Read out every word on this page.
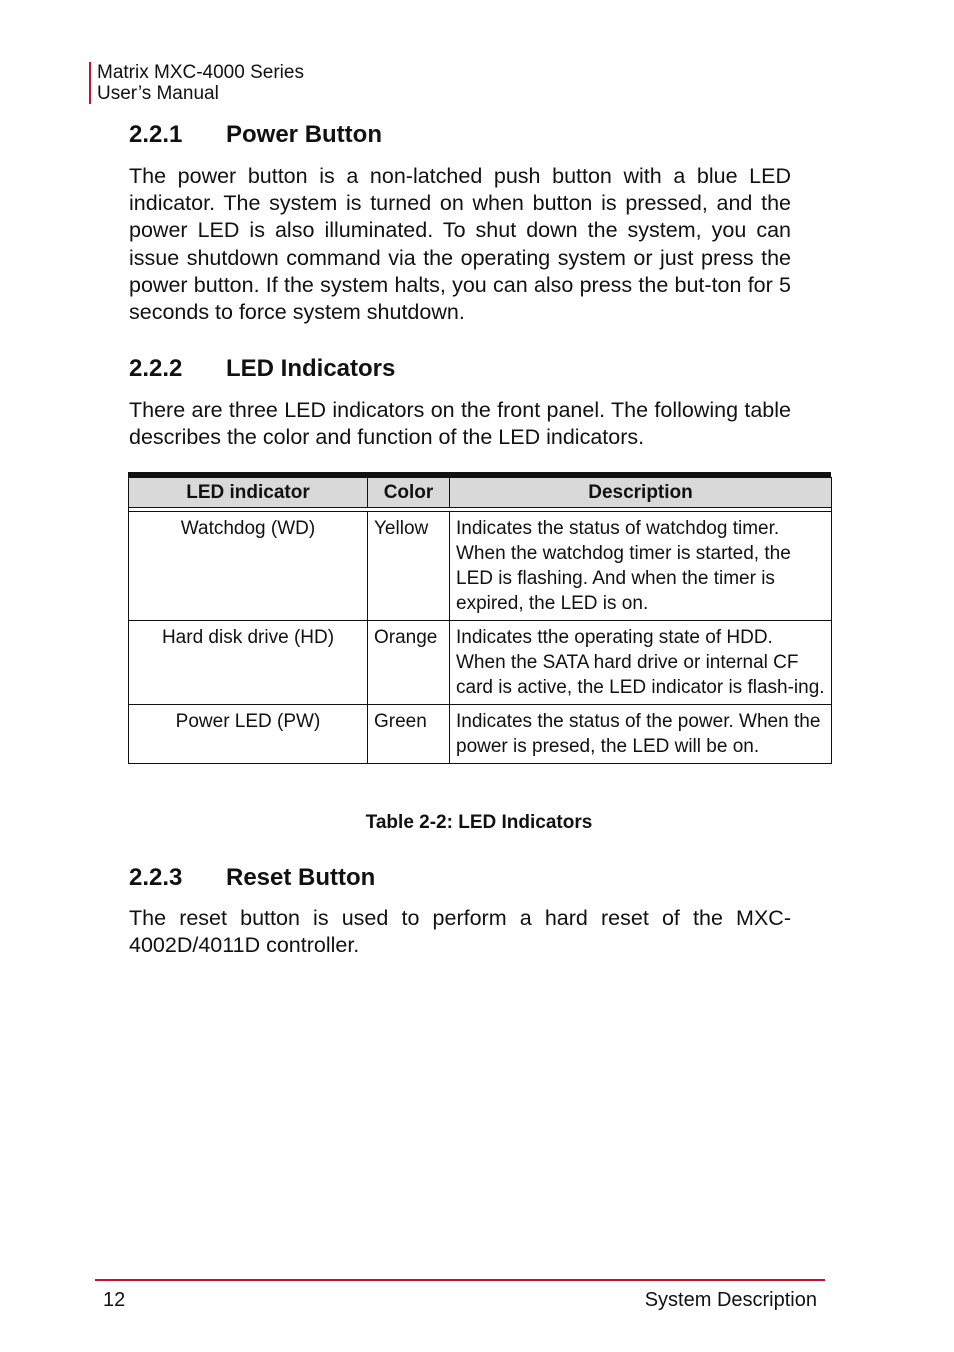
Matrix MXC-4000 Series
User’s Manual
2.2.1 Power Button

The power button is a non-latched push button with a blue LED indicator. The system is turned on when button is pressed, and the power LED is also illuminated. To shut down the system, you can issue shutdown command via the operating system or just press the power button. If the system halts, you can also press the but-ton for 5 seconds to force system shutdown.

2.2.2 LED Indicators

There are three LED indicators on the front panel. The following table describes the color and function of the LED indicators.

LED indicator	Color	Description

Watchdog (WD)	Yellow	Indicates the status of watchdog timer. When the watchdog timer is started, the LED is flashing. And when the timer is expired, the LED is on.
Hard disk drive (HD)	Orange	Indicates tthe operating state of HDD. When the SATA hard drive or internal CF card is active, the LED indicator is flash-ing.
Power LED (PW)	Green	Indicates the status of the power. When the power is presed, the LED will be on.
Table 2-2: LED Indicators
2.2.3 Reset Button

The reset button is used to perform a hard reset of the MXC-4002D/4011D controller.

12	System Description
